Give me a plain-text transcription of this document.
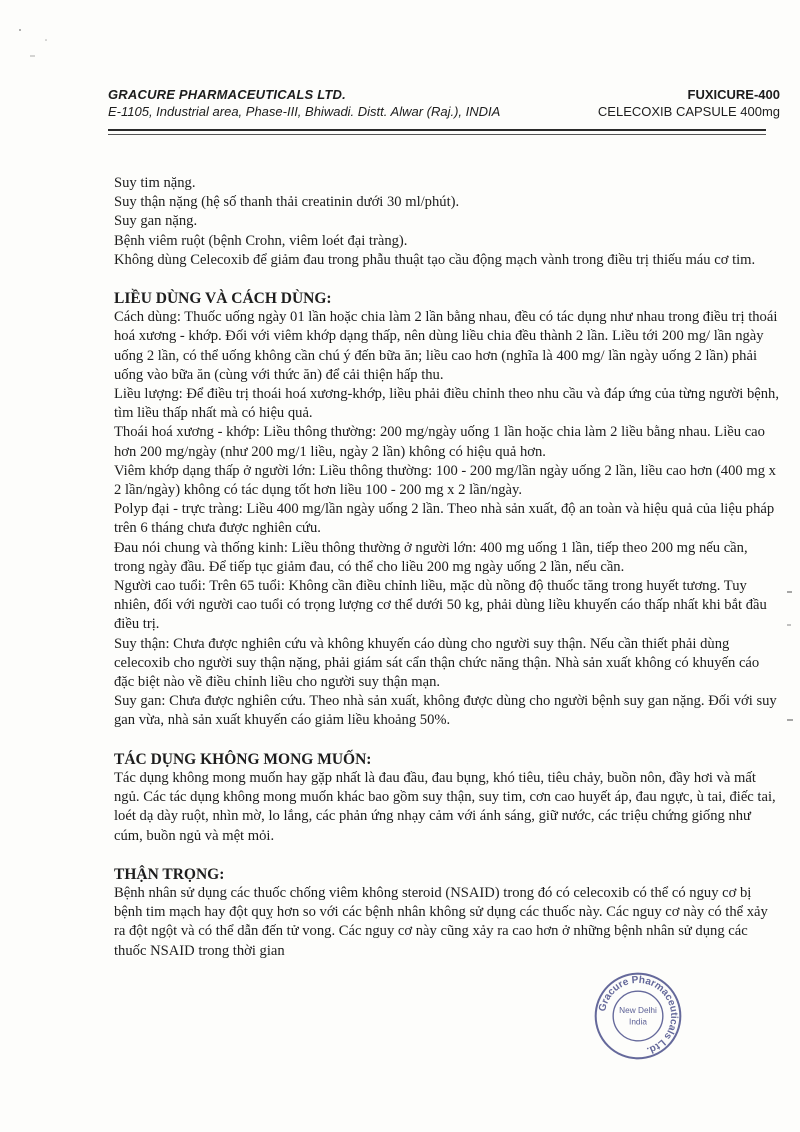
GRACURE PHARMACEUTICALS LTD.
E-1105, Industrial area, Phase-III, Bhiwadi. Distt. Alwar (Raj.), INDIA
FUXICURE-400
CELECOXIB CAPSULE 400mg

Suy tim nặng.

Suy thận nặng (hệ số thanh thải creatinin dưới 30 ml/phút).

Suy gan nặng.

Bệnh viêm ruột (bệnh Crohn, viêm loét đại tràng).

Không dùng Celecoxib để giảm đau trong phẫu thuật tạo cầu động mạch vành trong điều trị thiếu máu cơ tim.

LIỀU DÙNG VÀ CÁCH DÙNG:

Cách dùng: Thuốc uống ngày 01 lần hoặc chia làm 2 lần bằng nhau, đều có tác dụng như nhau trong điều trị thoái hoá xương - khớp. Đối với viêm khớp dạng thấp, nên dùng liều chia đều thành 2 lần. Liều tới 200 mg/ lần ngày uống 2 lần, có thể uống không cần chú ý đến bữa ăn; liều cao hơn (nghĩa là 400 mg/ lần ngày uống 2 lần) phải uống vào bữa ăn (cùng với thức ăn) để cải thiện hấp thu.

Liều lượng: Để điều trị thoái hoá xương-khớp, liều phải điều chỉnh theo nhu cầu và đáp ứng của từng người bệnh, tìm liều thấp nhất mà có hiệu quả.

Thoái hoá xương - khớp: Liều thông thường: 200 mg/ngày uống 1 lần hoặc chia làm 2 liều bằng nhau. Liều cao hơn 200 mg/ngày (như 200 mg/1 liều, ngày 2 lần) không có hiệu quả hơn.

Viêm khớp dạng thấp ở người lớn: Liều thông thường: 100 - 200 mg/lần ngày uống 2 lần, liều cao hơn (400 mg x 2 lần/ngày) không có tác dụng tốt hơn liều 100 - 200 mg x 2 lần/ngày.

Polyp đại - trực tràng: Liều 400 mg/lần ngày uống 2 lần. Theo nhà sản xuất, độ an toàn và hiệu quả của liệu pháp trên 6 tháng chưa được nghiên cứu.

Đau nói chung và thống kinh: Liều thông thường ở người lớn: 400 mg uống 1 lần, tiếp theo 200 mg nếu cần, trong ngày đầu. Để tiếp tục giảm đau, có thể cho liều 200 mg ngày uống 2 lần, nếu cần.

Người cao tuổi: Trên 65 tuổi: Không cần điều chỉnh liều, mặc dù nồng độ thuốc tăng trong huyết tương. Tuy nhiên, đối với người cao tuổi có trọng lượng cơ thể dưới 50 kg, phải dùng liều khuyến cáo thấp nhất khi bắt đầu điều trị.

Suy thận: Chưa được nghiên cứu và không khuyến cáo dùng cho người suy thận. Nếu cần thiết phải dùng celecoxib cho người suy thận nặng, phải giám sát cẩn thận chức năng thận. Nhà sản xuất không có khuyến cáo đặc biệt nào về điều chỉnh liều cho người suy thận mạn.

Suy gan: Chưa được nghiên cứu. Theo nhà sản xuất, không được dùng cho người bệnh suy gan nặng. Đối với suy gan vừa, nhà sản xuất khuyến cáo giảm liều khoảng 50%.

TÁC DỤNG KHÔNG MONG MUỐN:

Tác dụng không mong muốn hay gặp nhất là đau đầu, đau bụng, khó tiêu, tiêu chảy, buồn nôn, đầy hơi và mất ngủ. Các tác dụng không mong muốn khác bao gồm suy thận, suy tim, cơn cao huyết áp, đau ngực, ù tai, điếc tai, loét dạ dày ruột, nhìn mờ, lo lắng, các phản ứng nhạy cảm với ánh sáng, giữ nước, các triệu chứng giống như cúm, buồn ngủ và mệt mỏi.

THẬN TRỌNG:

Bệnh nhân sử dụng các thuốc chống viêm không steroid (NSAID) trong đó có celecoxib có thể có nguy cơ bị bệnh tim mạch hay đột quỵ hơn so với các bệnh nhân không sử dụng các thuốc này. Các nguy cơ này có thể xảy ra đột ngột và có thể dẫn đến tử vong. Các nguy cơ này cũng xảy ra cao hơn ở những bệnh nhân sử dụng các thuốc NSAID trong thời gian

Gracure Pharmaceuticals Ltd.
New Delhi
India
